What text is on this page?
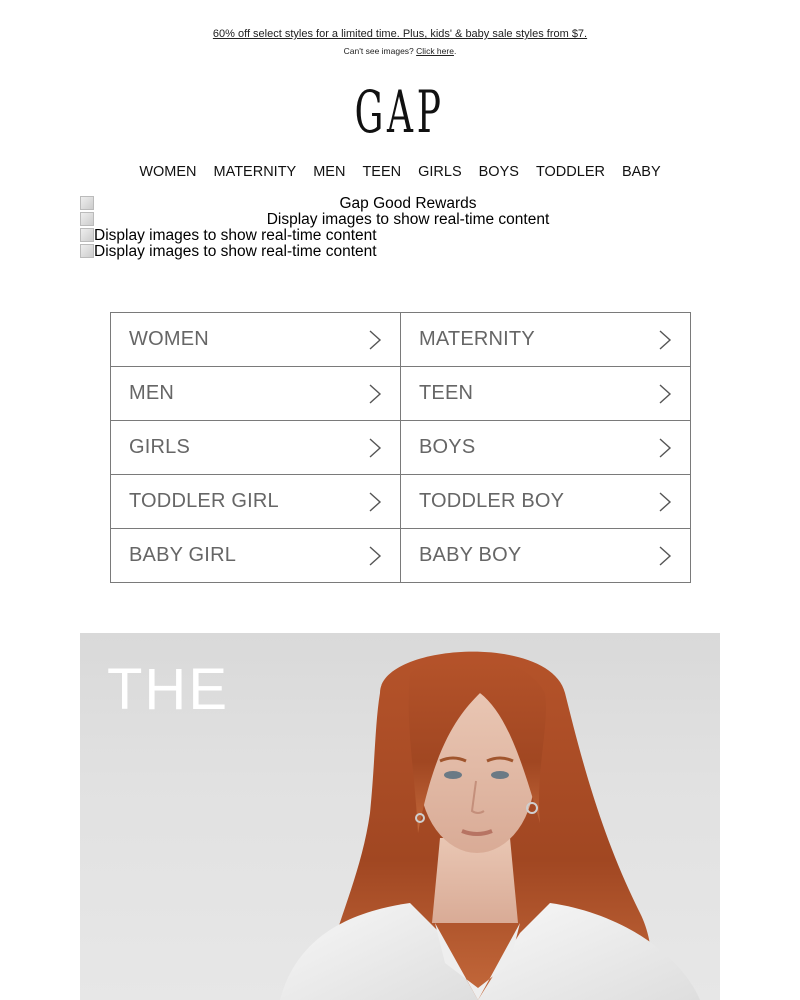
60% off select styles for a limited time. Plus, kids' & baby sale styles from $7.
Can't see images? Click here.
GAP
WOMEN MATERNITY MEN TEEN GIRLS BOYS TODDLER BABY
Gap Good Rewards
Display images to show real-time content
Display images to show real-time content
Display images to show real-time content
WOMEN	MATERNITY
MEN	TEEN
GIRLS	BOYS
TODDLER GIRL	TODDLER BOY
BABY GIRL	BABY BOY
THE
